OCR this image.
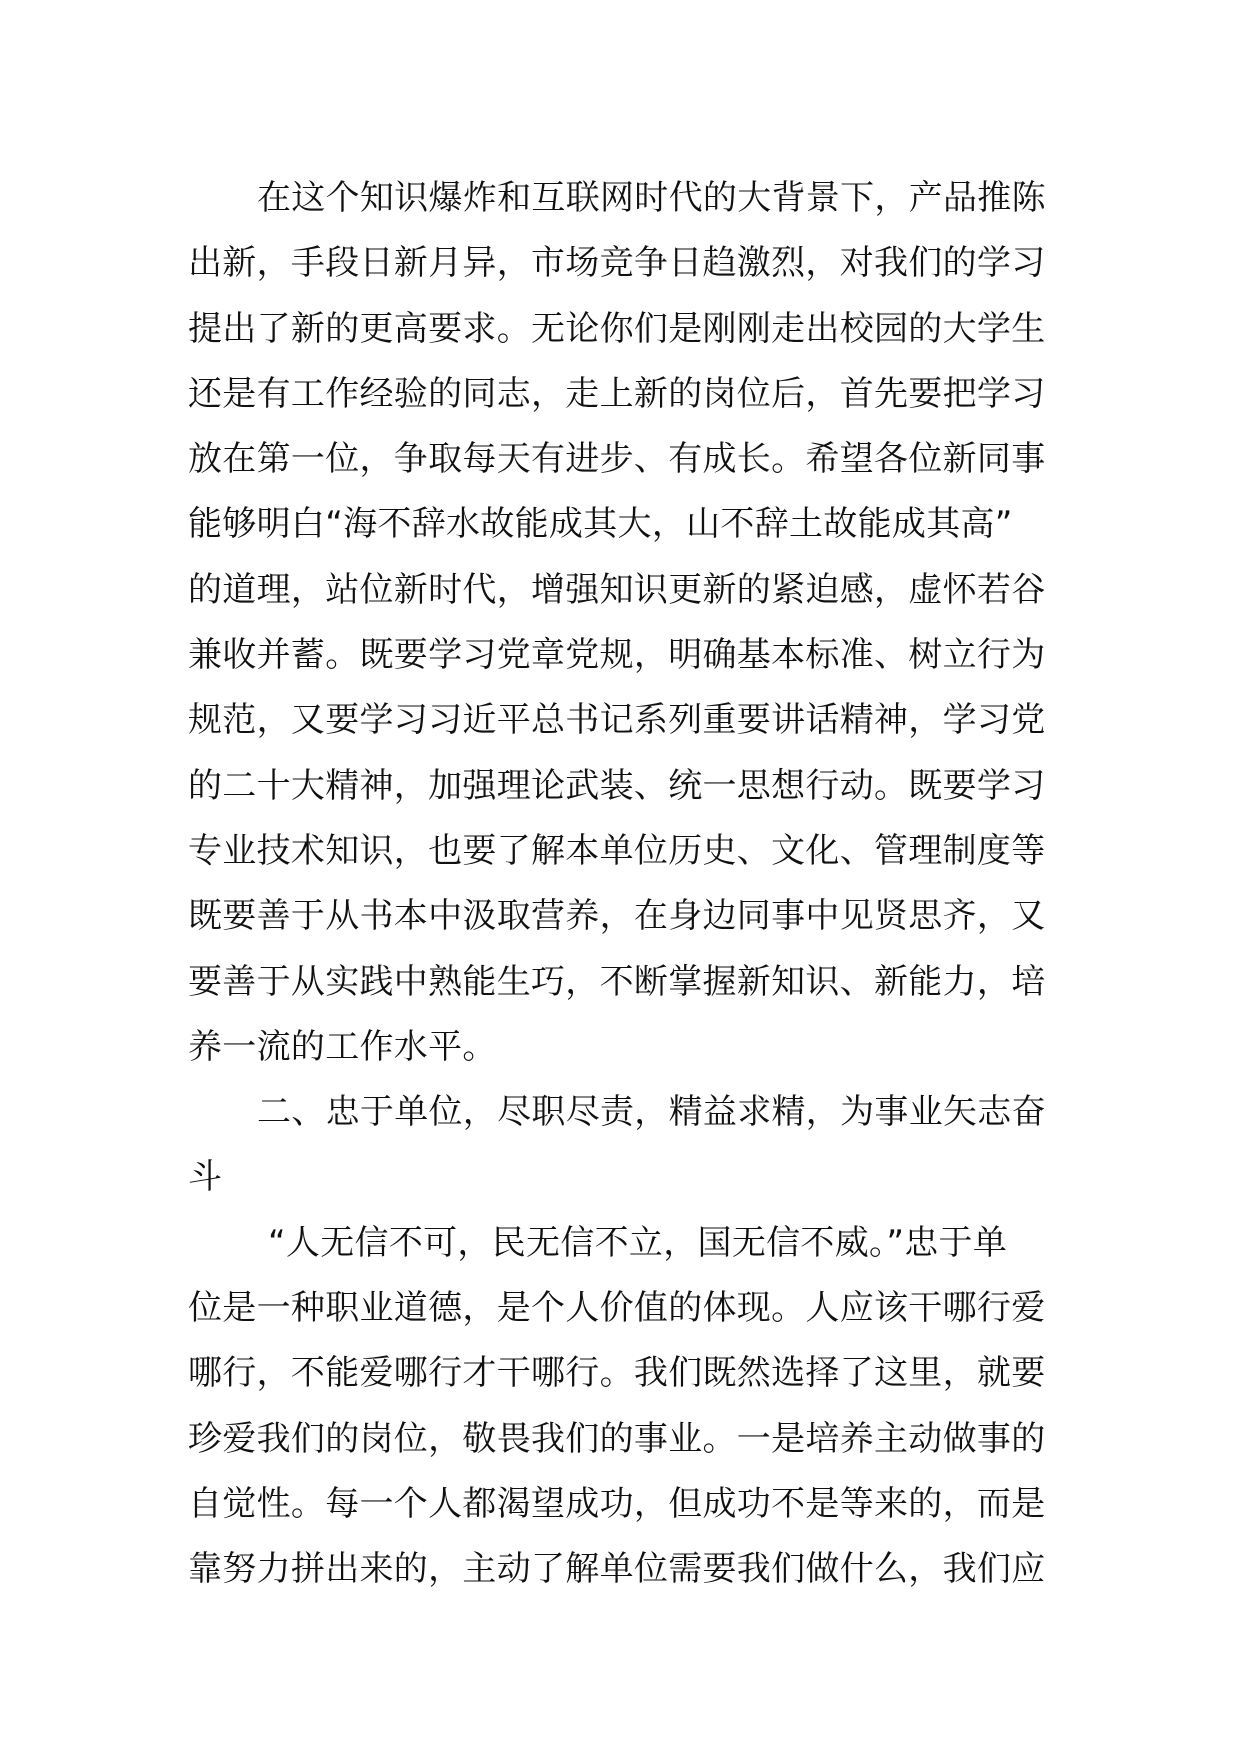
在这个知识爆炸和互联网时代的大背景下，产品推陈
出新，手段日新月异，市场竞争日趋激烈，对我们的学习
提出了新的更高要求。无论你们是刚刚走出校园的大学生
还是有工作经验的同志，走上新的岗位后，首先要把学习
放在第一位，争取每天有进步、有成长。希望各位新同事
能够明白“海不辞水故能成其大，山不辞土故能成其高”
的道理，站位新时代，增强知识更新的紧迫感，虚怀若谷
兼收并蓄。既要学习党章党规，明确基本标准、树立行为
规范，又要学习习近平总书记系列重要讲话精神，学习党
的二十大精神，加强理论武装、统一思想行动。既要学习
专业技术知识，也要了解本单位历史、文化、管理制度等
既要善于从书本中汲取营养，在身边同事中见贤思齐，又
要善于从实践中熟能生巧，不断掌握新知识、新能力，培
养一流的工作水平。
二、忠于单位，尽职尽责，精益求精，为事业矢志奋
斗
“人无信不可，民无信不立，国无信不威。”忠于单
位是一种职业道德，是个人价值的体现。人应该干哪行爱
哪行，不能爱哪行才干哪行。我们既然选择了这里，就要
珍爱我们的岗位，敬畏我们的事业。一是培养主动做事的
自觉性。每一个人都渴望成功，但成功不是等来的，而是
靠努力拼出来的，主动了解单位需要我们做什么，我们应
